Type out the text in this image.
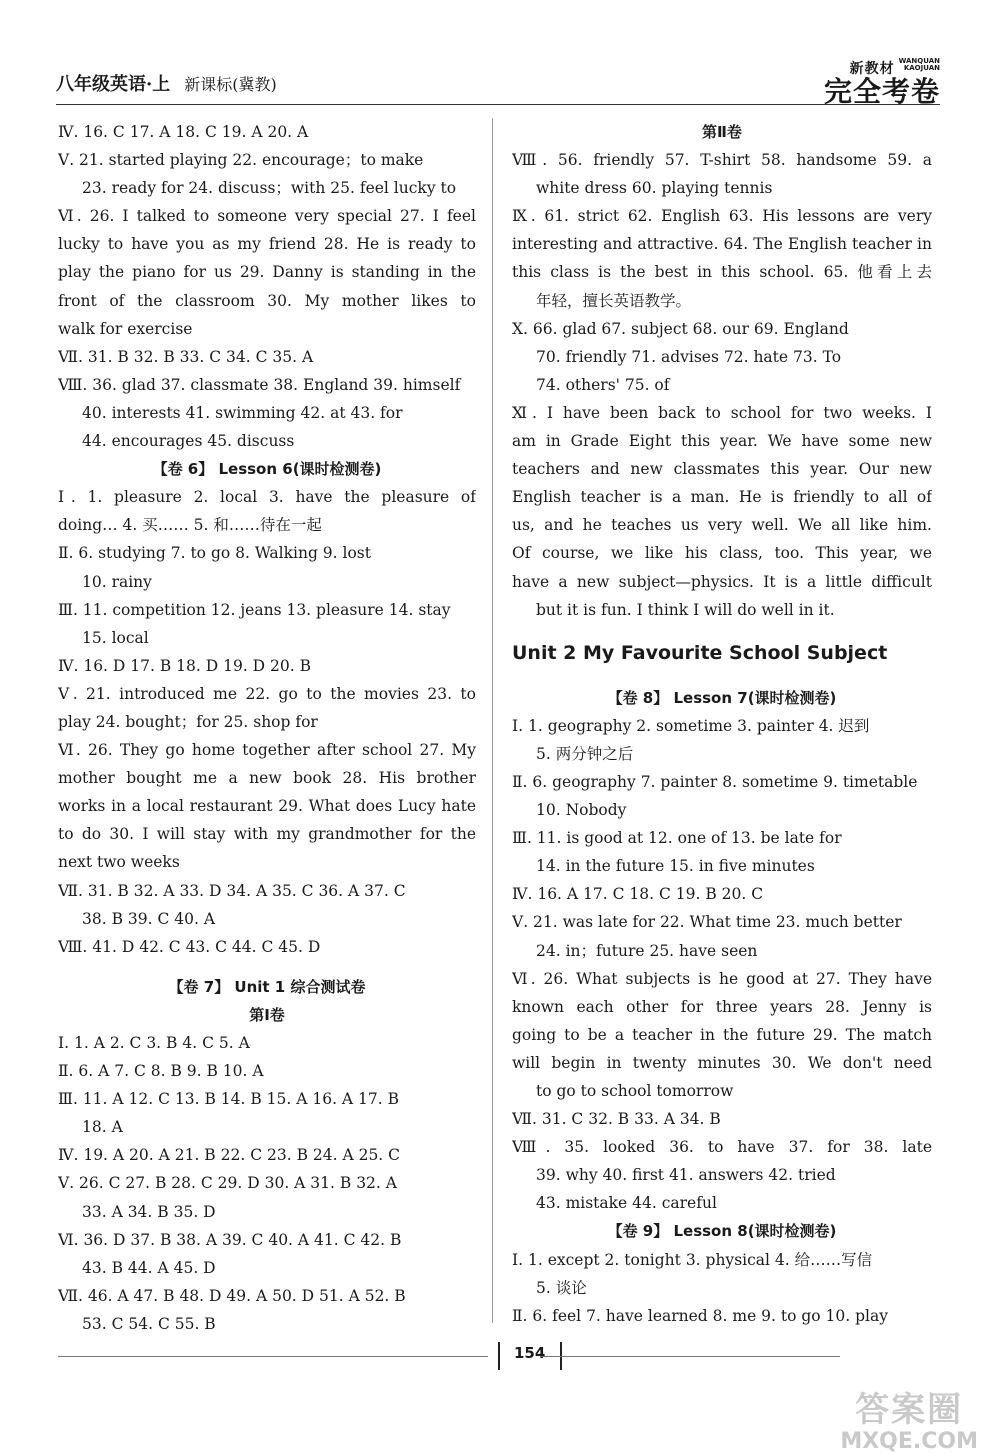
八年级英语·上 新课标(冀教)
新教材 WANQUAN
KAOJUAN
完全考卷
Ⅳ. 16. C 17. A 18. C 19. A 20. A
Ⅴ. 21. started playing 22. encourage；to make
23. ready for 24. discuss；with 25. feel lucky to
Ⅵ. 26. I talked to someone very special 27. I feel
lucky to have you as my friend 28. He is ready to
play the piano for us 29. Danny is standing in the
front of the classroom 30. My mother likes to
walk for exercise
Ⅶ. 31. B 32. B 33. C 34. C 35. A
Ⅷ. 36. glad 37. classmate 38. England 39. himself
40. interests 41. swimming 42. at 43. for
44. encourages 45. discuss
【卷 6】 Lesson 6(课时检测卷)
Ⅰ. 1. pleasure 2. local 3. have the pleasure of
doing… 4. 买…… 5. 和……待在一起
Ⅱ. 6. studying 7. to go 8. Walking 9. lost
10. rainy
Ⅲ. 11. competition 12. jeans 13. pleasure 14. stay
15. local
Ⅳ. 16. D 17. B 18. D 19. D 20. B
Ⅴ. 21. introduced me 22. go to the movies 23. to
play 24. bought；for 25. shop for
Ⅵ. 26. They go home together after school 27. My
mother bought me a new book 28. His brother
works in a local restaurant 29. What does Lucy hate
to do 30. I will stay with my grandmother for the
next two weeks
Ⅶ. 31. B 32. A 33. D 34. A 35. C 36. A 37. C
38. B 39. C 40. A
Ⅷ. 41. D 42. C 43. C 44. C 45. D
【卷 7】 Unit 1 综合测试卷
第Ⅰ卷
Ⅰ. 1. A 2. C 3. B 4. C 5. A
Ⅱ. 6. A 7. C 8. B 9. B 10. A
Ⅲ. 11. A 12. C 13. B 14. B 15. A 16. A 17. B
18. A
Ⅳ. 19. A 20. A 21. B 22. C 23. B 24. A 25. C
Ⅴ. 26. C 27. B 28. C 29. D 30. A 31. B 32. A
33. A 34. B 35. D
Ⅵ. 36. D 37. B 38. A 39. C 40. A 41. C 42. B
43. B 44. A 45. D
Ⅶ. 46. A 47. B 48. D 49. A 50. D 51. A 52. B
53. C 54. C 55. B
第Ⅱ卷
Ⅷ. 56. friendly 57. T-shirt 58. handsome 59. a
white dress 60. playing tennis
Ⅸ. 61. strict 62. English 63. His lessons are very
interesting and attractive. 64. The English teacher in
this class is the best in this school. 65. 他看上去
年轻，擅长英语教学。
Ⅹ. 66. glad 67. subject 68. our 69. England
70. friendly 71. advises 72. hate 73. To
74. others' 75. of
Ⅺ. I have been back to school for two weeks. I
am in Grade Eight this year. We have some new
teachers and new classmates this year. Our new
English teacher is a man. He is friendly to all of
us, and he teaches us very well. We all like him.
Of course, we like his class, too. This year, we
have a new subject—physics. It is a little difficult
but it is fun. I think I will do well in it.
Unit 2 My Favourite School Subject
【卷 8】 Lesson 7(课时检测卷)
Ⅰ. 1. geography 2. sometime 3. painter 4. 迟到
5. 两分钟之后
Ⅱ. 6. geography 7. painter 8. sometime 9. timetable
10. Nobody
Ⅲ. 11. is good at 12. one of 13. be late for
14. in the future 15. in five minutes
Ⅳ. 16. A 17. C 18. C 19. B 20. C
Ⅴ. 21. was late for 22. What time 23. much better
24. in；future 25. have seen
Ⅵ. 26. What subjects is he good at 27. They have
known each other for three years 28. Jenny is
going to be a teacher in the future 29. The match
will begin in twenty minutes 30. We don't need
to go to school tomorrow
Ⅶ. 31. C 32. B 33. A 34. B
Ⅷ. 35. looked 36. to have 37. for 38. late
39. why 40. first 41. answers 42. tried
43. mistake 44. careful
【卷 9】 Lesson 8(课时检测卷)
Ⅰ. 1. except 2. tonight 3. physical 4. 给……写信
5. 谈论
Ⅱ. 6. feel 7. have learned 8. me 9. to go 10. play
154
答案圈
MXQE.COM
